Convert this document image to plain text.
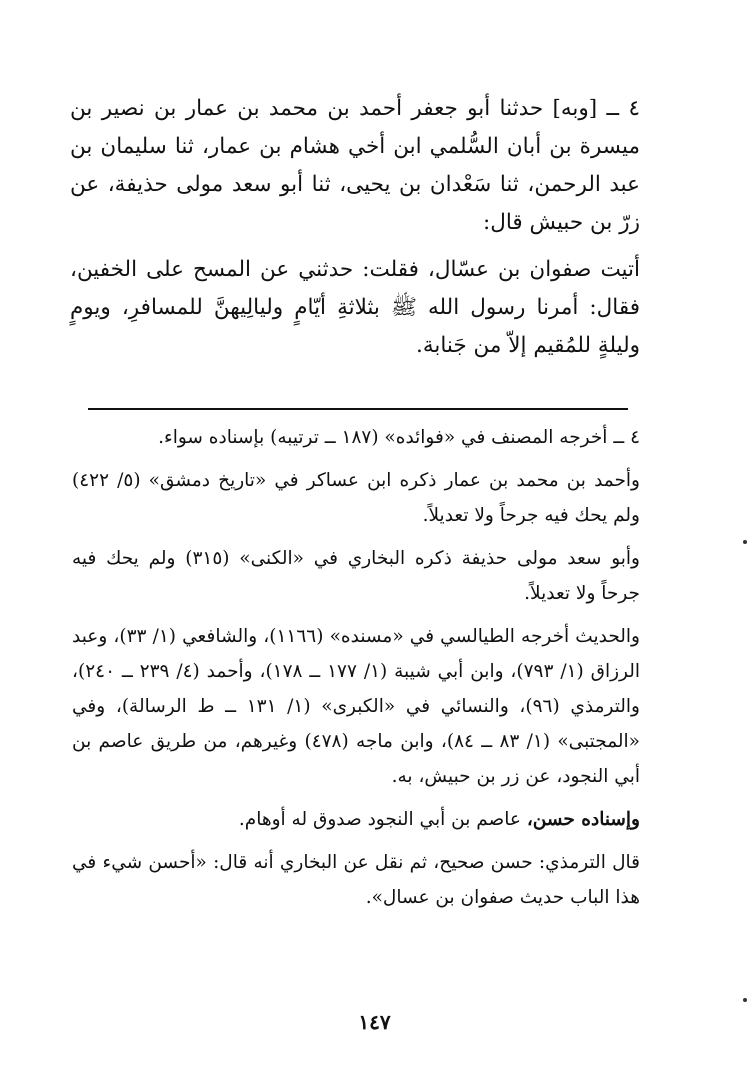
٤ ــ [وبه] حدثنا أبو جعفر أحمد بن محمد بن عمار بن نصير بن ميسرة بن أبان السُّلمي ابن أخي هشام بن عمار، ثنا سليمان بن عبد الرحمن، ثنا سَعْدان بن يحيى، ثنا أبو سعد مولى حذيفة، عن زرّ بن حبيش قال:

أتيت صفوان بن عسّال، فقلت: حدثني عن المسح على الخفين، فقال: أمرنا رسول الله ﷺ بثلاثةِ أيّامٍ وليالِيهنَّ للمسافرِ، ويومٍ وليلةٍ للمُقيم إلاّ من جَنابة.

٤ ــ أخرجه المصنف في «فوائده» (١٨٧ ــ ترتيبه) بإسناده سواء.

وأحمد بن محمد بن عمار ذكره ابن عساكر في «تاريخ دمشق» (٥/ ٤٢٢) ولم يحك فيه جرحاً ولا تعديلاً.

وأبو سعد مولى حذيفة ذكره البخاري في «الكنى» (٣١٥) ولم يحك فيه جرحاً ولا تعديلاً.

والحديث أخرجه الطيالسي في «مسنده» (١١٦٦)، والشافعي (١/ ٣٣)، وعبد الرزاق (١/ ٧٩٣)، وابن أبي شيبة (١/ ١٧٧ ــ ١٧٨)، وأحمد (٤/ ٢٣٩ ــ ٢٤٠)، والترمذي (٩٦)، والنسائي في «الكبرى» (١/ ١٣١ ــ ط الرسالة)، وفي «المجتبى» (١/ ٨٣ ــ ٨٤)، وابن ماجه (٤٧٨) وغيرهم، من طريق عاصم بن أبي النجود، عن زر بن حبيش، به.

وإسناده حسن، عاصم بن أبي النجود صدوق له أوهام.

قال الترمذي: حسن صحيح، ثم نقل عن البخاري أنه قال: «أحسن شيء في هذا الباب حديث صفوان بن عسال».

١٤٧
